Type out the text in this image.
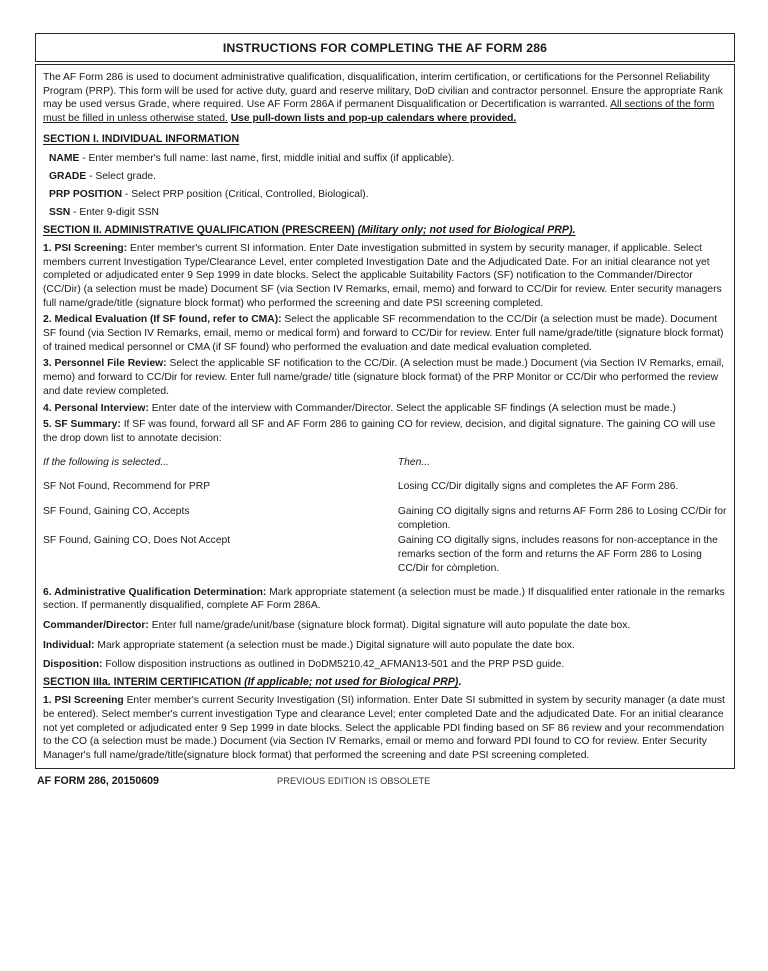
INSTRUCTIONS FOR COMPLETING THE AF FORM 286

The AF Form 286 is used to document administrative qualification, disqualification, interim certification, or certifications for the Personnel Reliability Program (PRP). This form will be used for active duty, guard and reserve military, DoD civilian and contractor personnel. Ensure the appropriate Rank may be used versus Grade, where required. Use AF Form 286A if permanent Disqualification or Decertification is warranted. All sections of the form must be filled in unless otherwise stated. Use pull-down lists and pop-up calendars where provided.

SECTION I. INDIVIDUAL INFORMATION

NAME - Enter member's full name: last name, first, middle initial and suffix (if applicable).

GRADE - Select grade.

PRP POSITION - Select PRP position (Critical, Controlled, Biological).

SSN - Enter 9-digit SSN

SECTION II. ADMINISTRATIVE QUALIFICATION (PRESCREEN) (Military only; not used for Biological PRP).

1. PSI Screening: Enter member's current SI information. Enter Date investigation submitted in system by security manager, if applicable. Select members current Investigation Type/Clearance Level, enter completed Investigation Date and the Adjudicated Date. For an initial clearance not yet completed or adjudicated enter 9 Sep 1999 in date blocks. Select the applicable Suitability Factors (SF) notification to the Commander/Director (CC/Dir) (a selection must be made) Document SF (via Section IV Remarks, email, memo) and forward to CC/Dir for review. Enter security managers full name/grade/title (signature block format) who performed the screening and date PSI screening completed.

2. Medical Evaluation (If SF found, refer to CMA): Select the applicable SF recommendation to the CC/Dir (a selection must be made). Document SF found (via Section IV Remarks, email, memo or medical form) and forward to CC/Dir for review. Enter full name/grade/title (signature block format) of trained medical personnel or CMA (if SF found) who performed the evaluation and date medical evaluation completed.

3. Personnel File Review: Select the applicable SF notification to the CC/Dir. (A selection must be made.) Document (via Section IV Remarks, email, memo) and forward to CC/Dir for review. Enter full name/grade/ title (signature block format) of the PRP Monitor or CC/Dir who performed the review and date review completed.

4. Personal Interview: Enter date of the interview with Commander/Director. Select the applicable SF findings (A selection must be made.)

5. SF Summary: If SF was found, forward all SF and AF Form 286 to gaining CO for review, decision, and digital signature. The gaining CO will use the drop down list to annotate decision:

If the following is selected...	Then...
SF Not Found, Recommend for PRP	Losing CC/Dir digitally signs and completes the AF Form 286.
SF Found, Gaining CO, Accepts	Gaining CO digitally signs and returns AF Form 286 to Losing CC/Dir for completion.
SF Found, Gaining CO, Does Not Accept	Gaining CO digitally signs, includes reasons for non-acceptance in the remarks section of the form and returns the AF Form 286 to Losing CC/Dir for còmpletion.

6. Administrative Qualification Determination: Mark appropriate statement (a selection must be made.) If disqualified enter rationale in the remarks section. If permanently disqualified, complete AF Form 286A.

Commander/Director: Enter full name/grade/unit/base (signature block format). Digital signature will auto populate the date box.

Individual: Mark appropriate statement (a selection must be made.) Digital signature will auto populate the date box.

Disposition: Follow disposition instructions as outlined in DoDM5210.42_AFMAN13-501 and the PRP PSD guide.

SECTION IIIa. INTERIM CERTIFICATION (If applicable; not used for Biological PRP).

1. PSI Screening Enter member's current Security Investigation (SI) information. Enter Date SI submitted in system by security manager (a date must be entered). Select member's current investigation Type and clearance Level; enter completed Date and the adjudicated Date. For an initial clearance not yet completed or adjudicated enter 9 Sep 1999 in date blocks. Select the applicable PDI finding based on SF 86 review and your recommendation to the CO (a selection must be made.) Document (via Section IV Remarks, email or memo and forward PDI found to CO for review. Enter Security Manager's full name/grade/title(signature block format) that performed the screening and date PSI screening completed.

AF FORM 286, 20150609	PREVIOUS EDITION IS OBSOLETE
